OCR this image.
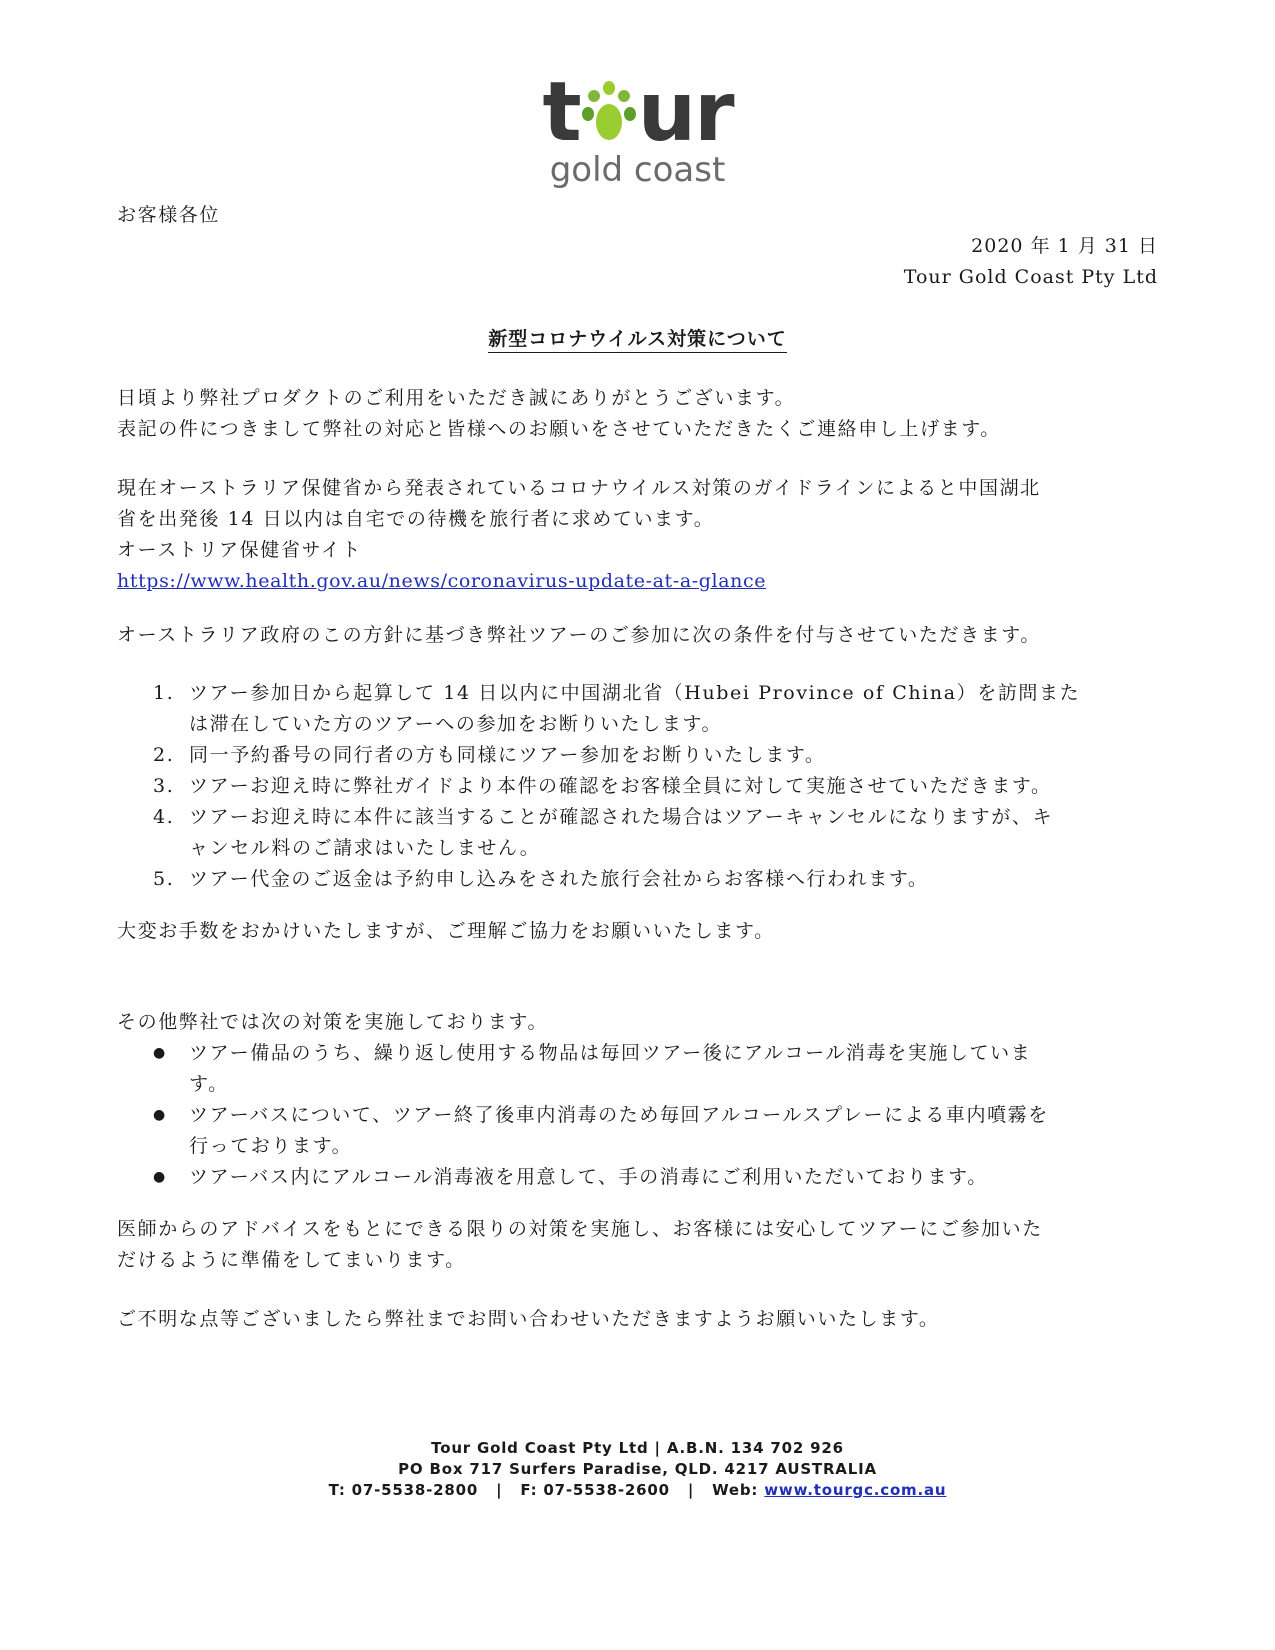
t ur
gold coast
お客様各位
2020 年 1 月 31 日
Tour Gold Coast Pty Ltd
新型コロナウイルス対策について
日頃より弊社プロダクトのご利用をいただき誠にありがとうございます。
表記の件につきまして弊社の対応と皆様へのお願いをさせていただきたくご連絡申し上げます。
現在オーストラリア保健省から発表されているコロナウイルス対策のガイドラインによると中国湖北
省を出発後 14 日以内は自宅での待機を旅行者に求めています。
オーストリア保健省サイト
https://www.health.gov.au/news/coronavirus-update-at-a-glance
オーストラリア政府のこの方針に基づき弊社ツアーのご参加に次の条件を付与させていただきます。
1. ツアー参加日から起算して 14 日以内に中国湖北省（Hubei Province of China）を訪問また
は滞在していた方のツアーへの参加をお断りいたします。
2. 同一予約番号の同行者の方も同様にツアー参加をお断りいたします。
3. ツアーお迎え時に弊社ガイドより本件の確認をお客様全員に対して実施させていただきます。
4. ツアーお迎え時に本件に該当することが確認された場合はツアーキャンセルになりますが、キ
ャンセル料のご請求はいたしません。
5. ツアー代金のご返金は予約申し込みをされた旅行会社からお客様へ行われます。
大変お手数をおかけいたしますが、ご理解ご協力をお願いいたします。
その他弊社では次の対策を実施しております。
● ツアー備品のうち、繰り返し使用する物品は毎回ツアー後にアルコール消毒を実施していま
す。
● ツアーバスについて、ツアー終了後車内消毒のため毎回アルコールスプレーによる車内噴霧を
行っております。
● ツアーバス内にアルコール消毒液を用意して、手の消毒にご利用いただいております。
医師からのアドバイスをもとにできる限りの対策を実施し、お客様には安心してツアーにご参加いた
だけるように準備をしてまいります。
ご不明な点等ございましたら弊社までお問い合わせいただきますようお願いいたします。
Tour Gold Coast Pty Ltd | A.B.N. 134 702 926
PO Box 717 Surfers Paradise, QLD. 4217 AUSTRALIA
T: 07-5538-2800 | F: 07-5538-2600 | Web: www.tourgc.com.au
